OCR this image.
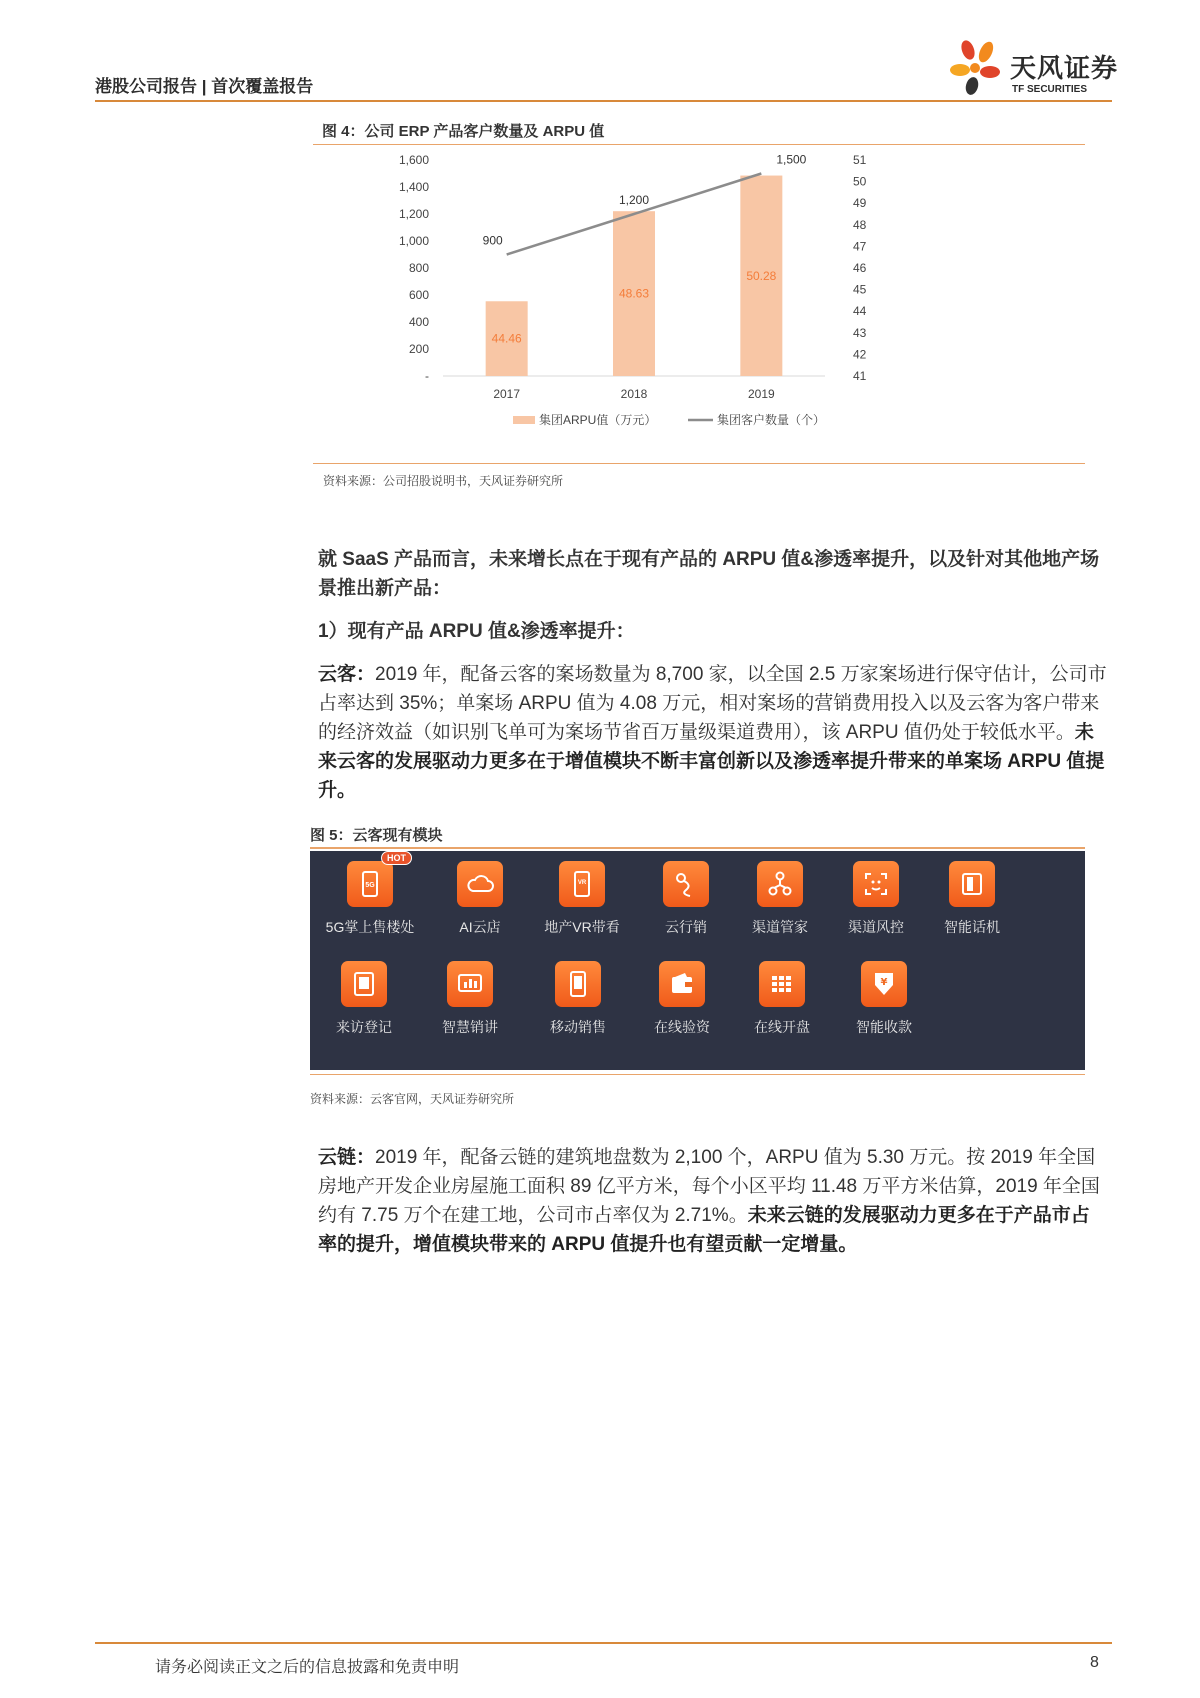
港股公司报告 | 首次覆盖报告
天风证券
TF SECURITIES
图 4：公司 ERP 产品客户数量及 ARPU 值
-
200
400
600
800
1,000
1,200
1,400
1,600
41
42
43
44
45
46
47
48
49
50
51
44.46
48.63
50.28
900
1,200
1,500
2017	2018	2019
集团ARPU值（万元）	集团客户数量（个）
资料来源：公司招股说明书，天风证券研究所
就 SaaS 产品而言，未来增长点在于现有产品的 ARPU 值&渗透率提升，以及针对其他地产场景推出新产品：
1）现有产品 ARPU 值&渗透率提升：
云客：2019 年，配备云客的案场数量为 8,700 家，以全国 2.5 万家案场进行保守估计，公司市占率达到 35%；单案场 ARPU 值为 4.08 万元，相对案场的营销费用投入以及云客为客户带来的经济效益（如识别飞单可为案场节省百万量级渠道费用），该 ARPU 值仍处于较低水平。未来云客的发展驱动力更多在于增值模块不断丰富创新以及渗透率提升带来的单案场 ARPU 值提升。
图 5：云客现有模块
5G
HOT
5G掌上售楼处	AI云店
VR
地产VR带看	云行销	渠道管家	渠道风控	智能话机
来访登记	智慧销讲	移动销售	在线验资	在线开盘
¥
智能收款
资料来源：云客官网，天风证券研究所
云链：2019 年，配备云链的建筑地盘数为 2,100 个，ARPU 值为 5.30 万元。按 2019 年全国房地产开发企业房屋施工面积 89 亿平方米，每个小区平均 11.48 万平方米估算，2019 年全国约有 7.75 万个在建工地，公司市占率仅为 2.71%。未来云链的发展驱动力更多在于产品市占率的提升，增值模块带来的 ARPU 值提升也有望贡献一定增量。
请务必阅读正文之后的信息披露和免责申明	8
